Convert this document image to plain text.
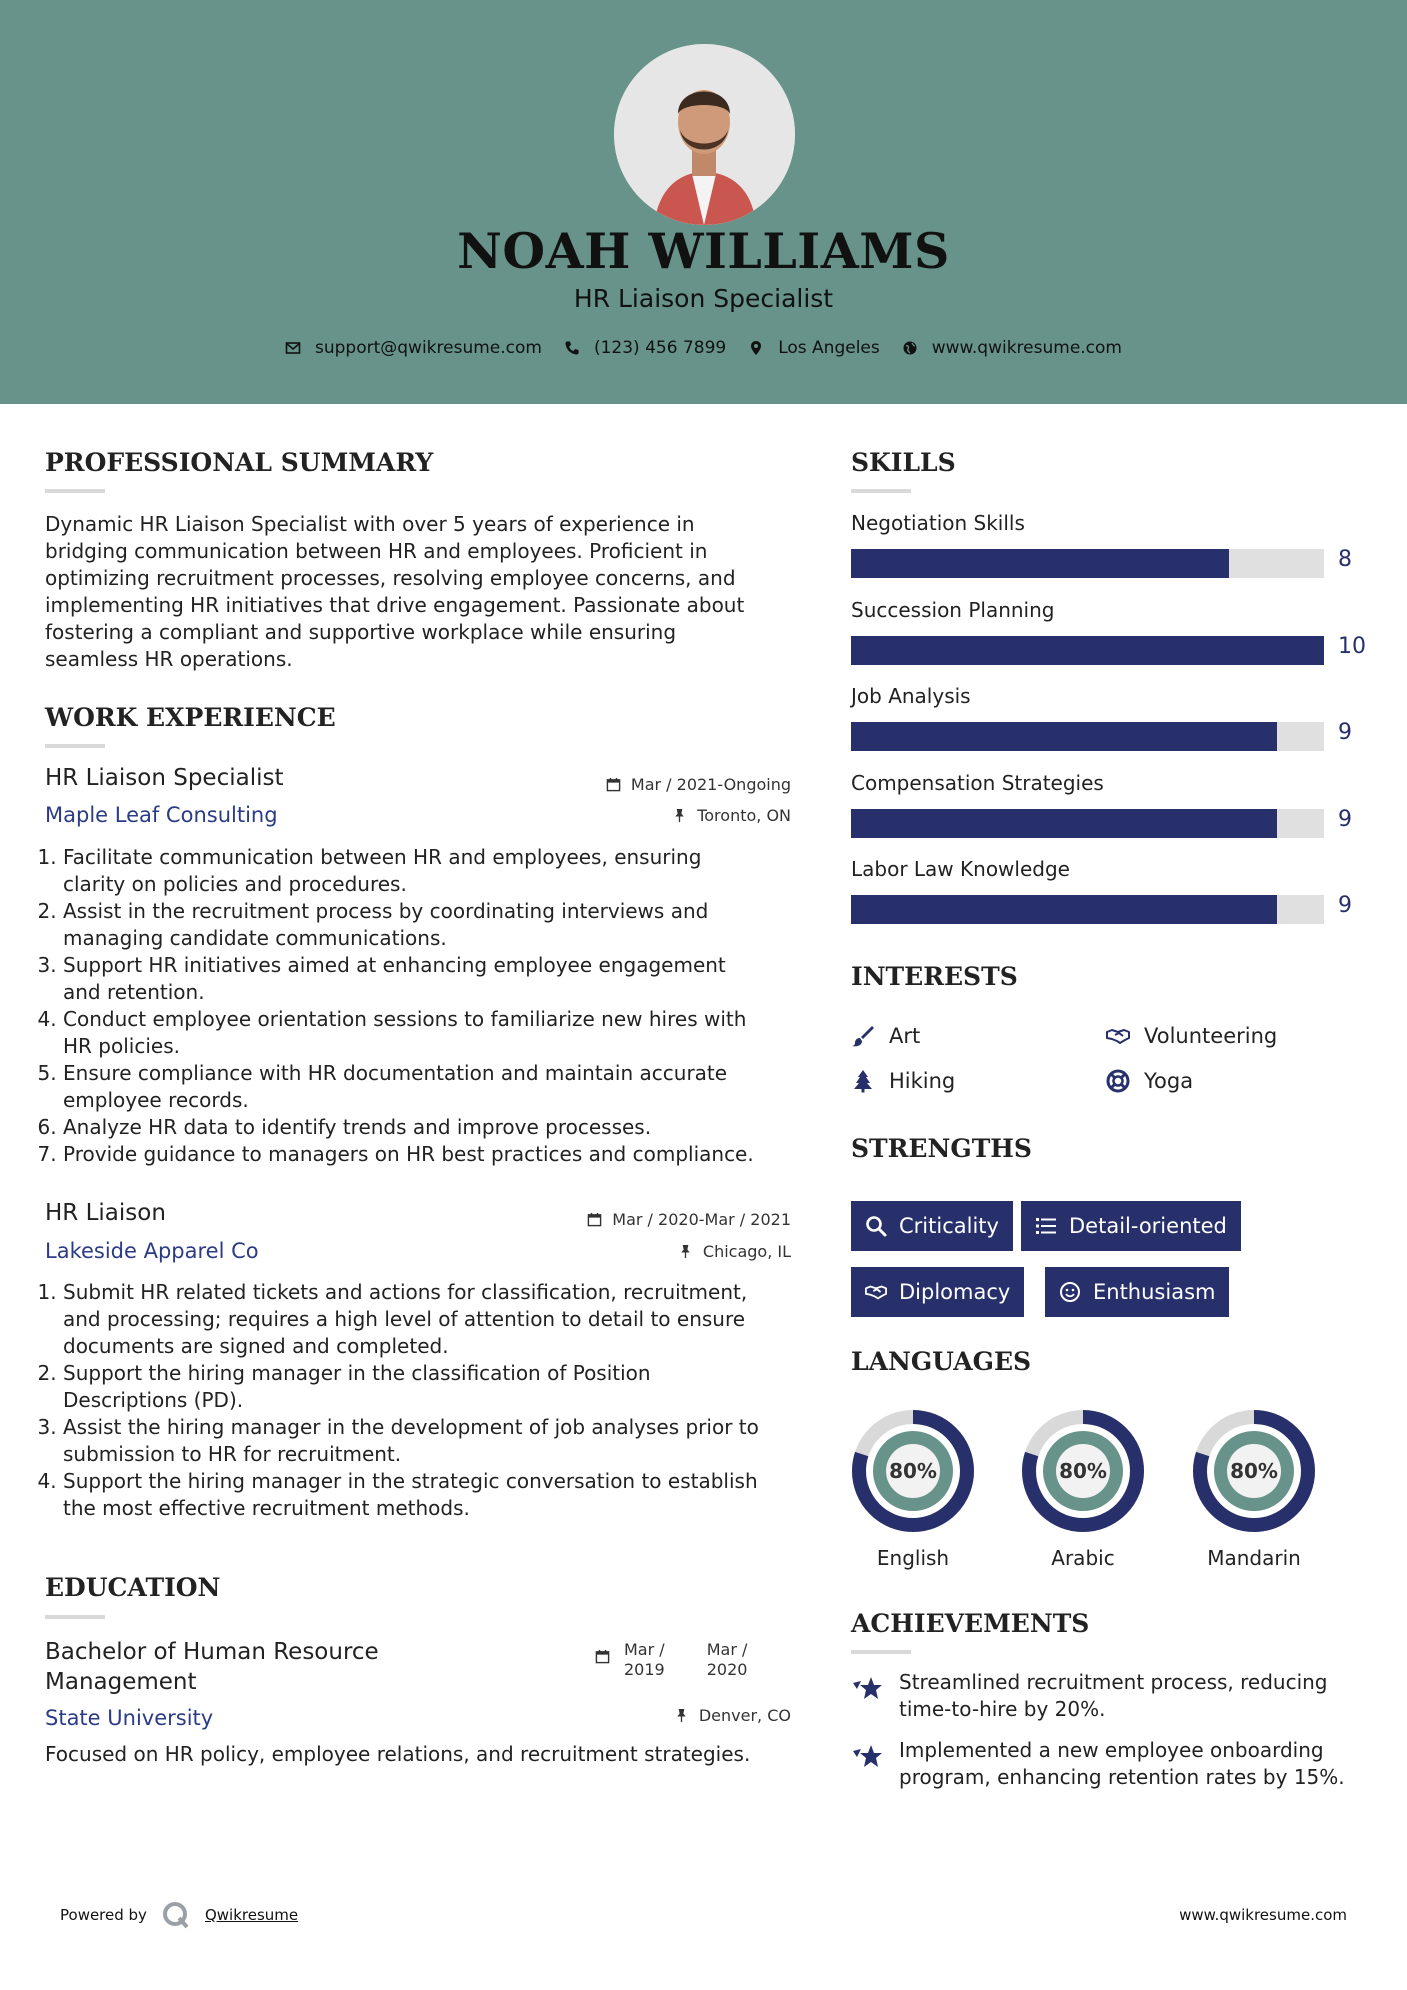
NOAH WILLIAMS
HR Liaison Specialist
support@qwikresume.com	(123) 456 7899	Los Angeles	www.qwikresume.com
PROFESSIONAL SUMMARY
Dynamic HR Liaison Specialist with over 5 years of experience in
bridging communication between HR and employees. Proficient in
optimizing recruitment processes, resolving employee concerns, and
implementing HR initiatives that drive engagement. Passionate about
fostering a compliant and supportive workplace while ensuring
seamless HR operations.
WORK EXPERIENCE
HR Liaison Specialist
Maple Leaf Consulting
Mar / 2021-Ongoing
Toronto, ON
1. Facilitate communication between HR and employees, ensuring
clarity on policies and procedures.
2. Assist in the recruitment process by coordinating interviews and
managing candidate communications.
3. Support HR initiatives aimed at enhancing employee engagement
and retention.
4. Conduct employee orientation sessions to familiarize new hires with
HR policies.
5. Ensure compliance with HR documentation and maintain accurate
employee records.
6. Analyze HR data to identify trends and improve processes.
7. Provide guidance to managers on HR best practices and compliance.
HR Liaison
Lakeside Apparel Co
Mar / 2020-Mar / 2021
Chicago, IL
1. Submit HR related tickets and actions for classification, recruitment,
and processing; requires a high level of attention to detail to ensure
documents are signed and completed.
2. Support the hiring manager in the classification of Position
Descriptions (PD).
3. Assist the hiring manager in the development of job analyses prior to
submission to HR for recruitment.
4. Support the hiring manager in the strategic conversation to establish
the most effective recruitment methods.
EDUCATION
Bachelor of Human Resource
Management
State University
Mar /
2019
Mar /
2020
Denver, CO
Focused on HR policy, employee relations, and recruitment strategies.
SKILLS
Negotiation Skills
8
Succession Planning
10
Job Analysis
9
Compensation Strategies
9
Labor Law Knowledge
9
INTERESTS
Art	Volunteering
Hiking	Yoga
STRENGTHS
Criticality	Detail-oriented
Diplomacy	Enthusiasm
LANGUAGES
80%
English
80%
Arabic
80%
Mandarin
ACHIEVEMENTS
Streamlined recruitment process, reducing
time-to-hire by 20%.
Implemented a new employee onboarding
program, enhancing retention rates by 15%.
Powered by	Qwikresume	www.qwikresume.com
